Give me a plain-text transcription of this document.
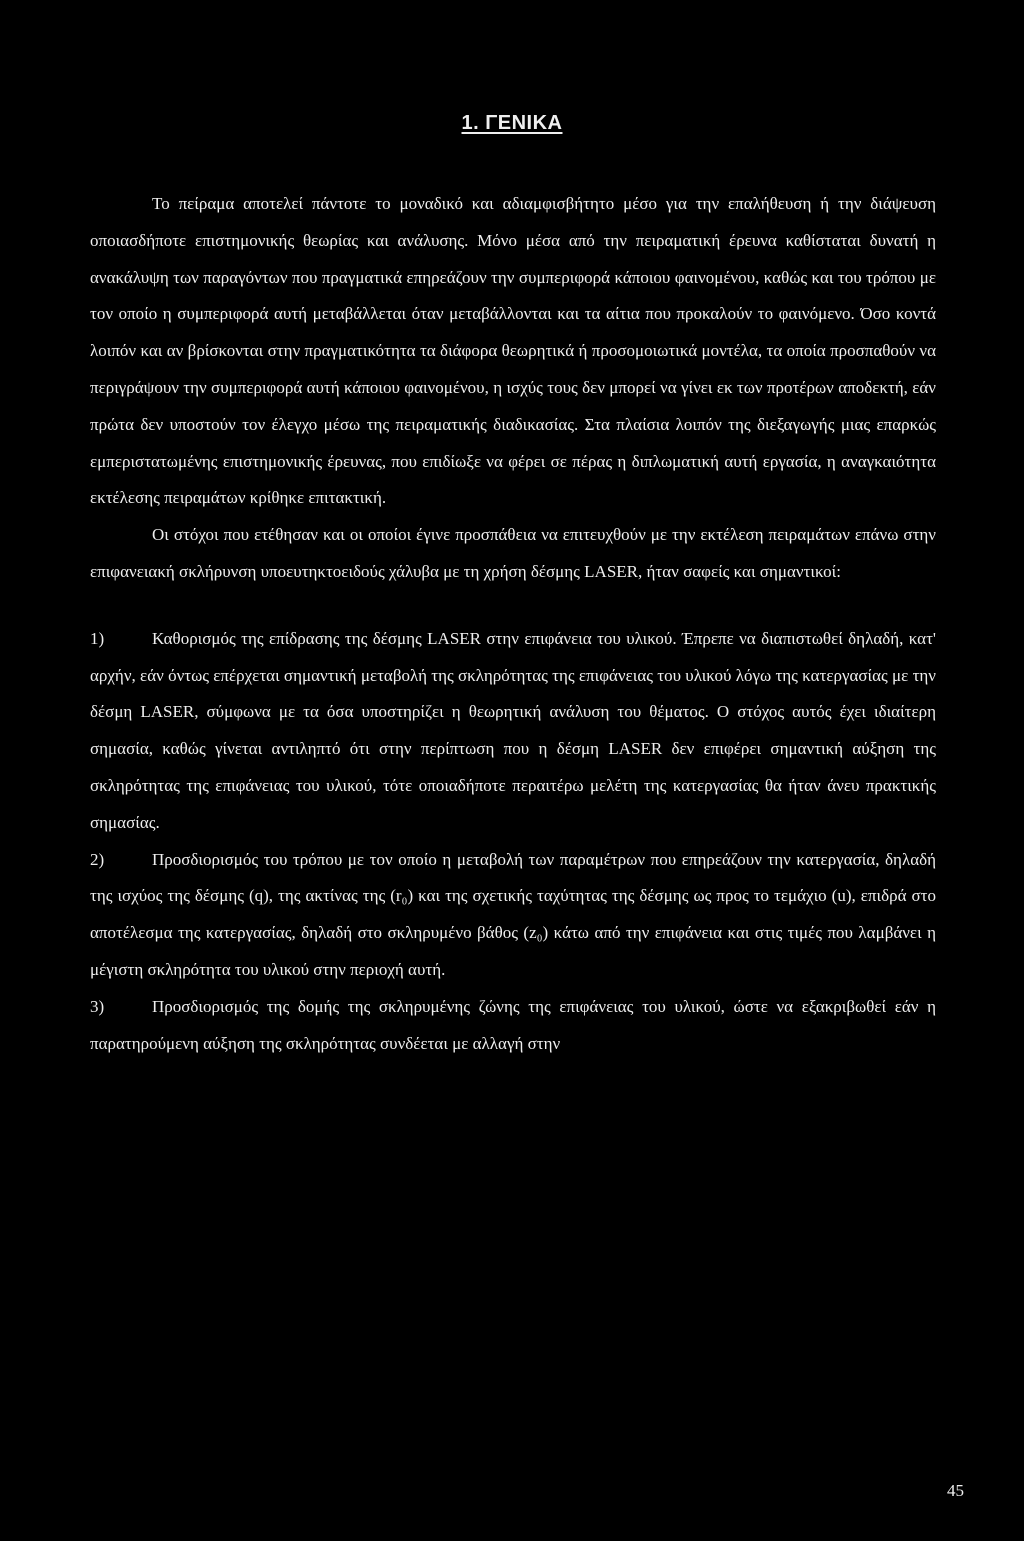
1. ΓΕΝΙΚΑ

Το πείραμα αποτελεί πάντοτε το μοναδικό και αδιαμφισβήτητο μέσο για την επαλήθευση ή την διάψευση οποιασδήποτε επιστημονικής θεωρίας και ανάλυσης. Μόνο μέσα από την πειραματική έρευνα καθίσταται δυνατή η ανακάλυψη των παραγόντων που πραγματικά επηρεάζουν την συμπεριφορά κάποιου φαινομένου, καθώς και του τρόπου με τον οποίο η συμπεριφορά αυτή μεταβάλλεται όταν μεταβάλλονται και τα αίτια που προκαλούν το φαινόμενο. Όσο κοντά λοιπόν και αν βρίσκονται στην πραγματικότητα τα διάφορα θεωρητικά ή προσομοιωτικά μοντέλα, τα οποία προσπαθούν να περιγράψουν την συμπεριφορά αυτή κάποιου φαινομένου, η ισχύς τους δεν μπορεί να γίνει εκ των προτέρων αποδεκτή, εάν πρώτα δεν υποστούν τον έλεγχο μέσω της πειραματικής διαδικασίας. Στα πλαίσια λοιπόν της διεξαγωγής μιας επαρκώς εμπεριστατωμένης επιστημονικής έρευνας, που επιδίωξε να φέρει σε πέρας η διπλωματική αυτή εργασία, η αναγκαιότητα εκτέλεσης πειραμάτων κρίθηκε επιτακτική.

Οι στόχοι που ετέθησαν και οι οποίοι έγινε προσπάθεια να επιτευχθούν με την εκτέλεση πειραμάτων επάνω στην επιφανειακή σκλήρυνση υποευτηκτοειδούς χάλυβα με τη χρήση δέσμης LASER, ήταν σαφείς και σημαντικοί:

1)	Καθορισμός της επίδρασης της δέσμης LASER στην επιφάνεια του υλικού. Έπρεπε να διαπιστωθεί δηλαδή, κατ' αρχήν, εάν όντως επέρχεται σημαντική μεταβολή της σκληρότητας της επιφάνειας του υλικού λόγω της κατεργασίας με την δέσμη LASER, σύμφωνα με τα όσα υποστηρίζει η θεωρητική ανάλυση του θέματος. Ο στόχος αυτός έχει ιδιαίτερη σημασία, καθώς γίνεται αντιληπτό ότι στην περίπτωση που η δέσμη LASER δεν επιφέρει σημαντική αύξηση της σκληρότητας της επιφάνειας του υλικού, τότε οποιαδήποτε περαιτέρω μελέτη της κατεργασίας θα ήταν άνευ πρακτικής σημασίας.

2)	Προσδιορισμός του τρόπου με τον οποίο η μεταβολή των παραμέτρων που επηρεάζουν την κατεργασία, δηλαδή της ισχύος της δέσμης (q), της ακτίνας της (r₀) και της σχετικής ταχύτητας της δέσμης ως προς το τεμάχιο (u), επιδρά στο αποτέλεσμα της κατεργασίας, δηλαδή στο σκληρυμένο βάθος (z₀) κάτω από την επιφάνεια και στις τιμές που λαμβάνει η μέγιστη σκληρότητα του υλικού στην περιοχή αυτή.

3)	Προσδιορισμός της δομής της σκληρυμένης ζώνης της επιφάνειας του υλικού, ώστε να εξακριβωθεί εάν η παρατηρούμενη αύξηση της σκληρότητας συνδέεται με αλλαγή στην

45
